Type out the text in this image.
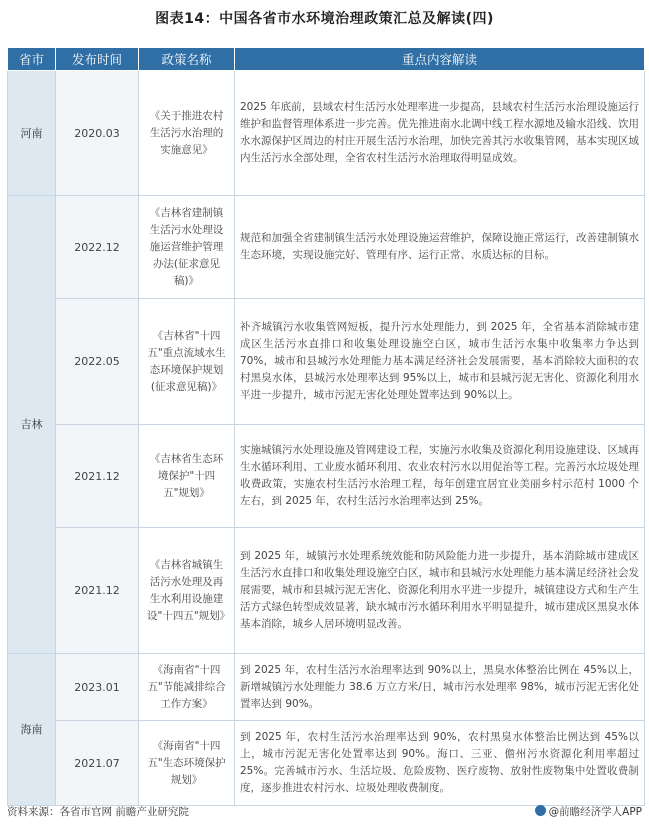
图表14：中国各省市水环境治理政策汇总及解读(四)
省市	发布时间	政策名称	重点内容解读
河南	2020.03	《关于推进农村生活污水治理的实施意见》	2025 年底前，县域农村生活污水处理率进一步提高，县域农村生活污水治理设施运行维护和监督管理体系进一步完善。优先推进南水北调中线工程水源地及输水沿线、饮用水水源保护区周边的村庄开展生活污水治理，加快完善其污水收集管网，基本实现区域内生活污水全部处理，全省农村生活污水治理取得明显成效。
吉林	2022.12	《吉林省建制镇生活污水处理设施运营维护管理办法(征求意见稿)》	规范和加强全省建制镇生活污水处理设施运营维护，保障设施正常运行，改善建制镇水生态环境，实现设施完好、管理有序、运行正常、水质达标的目标。
	2022.05	《吉林省"十四五"重点流域水生态环境保护规划(征求意见稿)》	补齐城镇污水收集管网短板，提升污水处理能力，到 2025 年，全省基本消除城市建成区生活污水直排口和收集处理设施空白区，城市生活污水集中收集率力争达到 70%，城市和县城污水处理能力基本满足经济社会发展需要，基本消除较大面积的农村黑臭水体，县城污水处理率达到 95%以上，城市和县城污泥无害化、资源化利用水平进一步提升，城市污泥无害化处理处置率达到 90%以上。
	2021.12	《吉林省生态环境保护"十四五"规划》	实施城镇污水处理设施及管网建设工程，实施污水收集及资源化利用设施建设、区域再生水循环利用、工业废水循环利用、农业农村污水以用促治等工程。完善污水垃圾处理收费政策，实施农村生活污水治理工程，每年创建宜居宜业美丽乡村示范村 1000 个左右，到 2025 年，农村生活污水治理率达到 25%。
	2021.12	《吉林省城镇生活污水处理及再生水利用设施建设"十四五"规划》	到 2025 年，城镇污水处理系统效能和防风险能力进一步提升，基本消除城市建成区生活污水直排口和收集处理设施空白区，城市和县城污水处理能力基本满足经济社会发展需要，城市和县城污泥无害化、资源化利用水平进一步提升，城镇建设方式和生产生活方式绿色转型成效显著，缺水城市污水循环利用水平明显提升，城市建成区黑臭水体基本消除，城乡人居环境明显改善。
海南	2023.01	《海南省"十四五"节能减排综合工作方案》	到 2025 年，农村生活污水治理率达到 90%以上，黑臭水体整治比例在 45%以上，新增城镇污水处理能力 38.6 万立方米/日，城市污水处理率 98%，城市污泥无害化处置率达到 90%。
	2021.07	《海南省"十四五"生态环境保护规划》	到 2025 年，农村生活污水治理率达到 90%，农村黑臭水体整治比例达到 45%以上，城市污泥无害化处置率达到 90%。海口、三亚、儋州污水资源化利用率超过 25%。完善城市污水、生活垃圾、危险废物、医疗废物、放射性废物集中处置收费制度，逐步推进农村污水、垃圾处理收费制度。
资料来源：各省市官网 前瞻产业研究院	@前瞻经济学人APP
